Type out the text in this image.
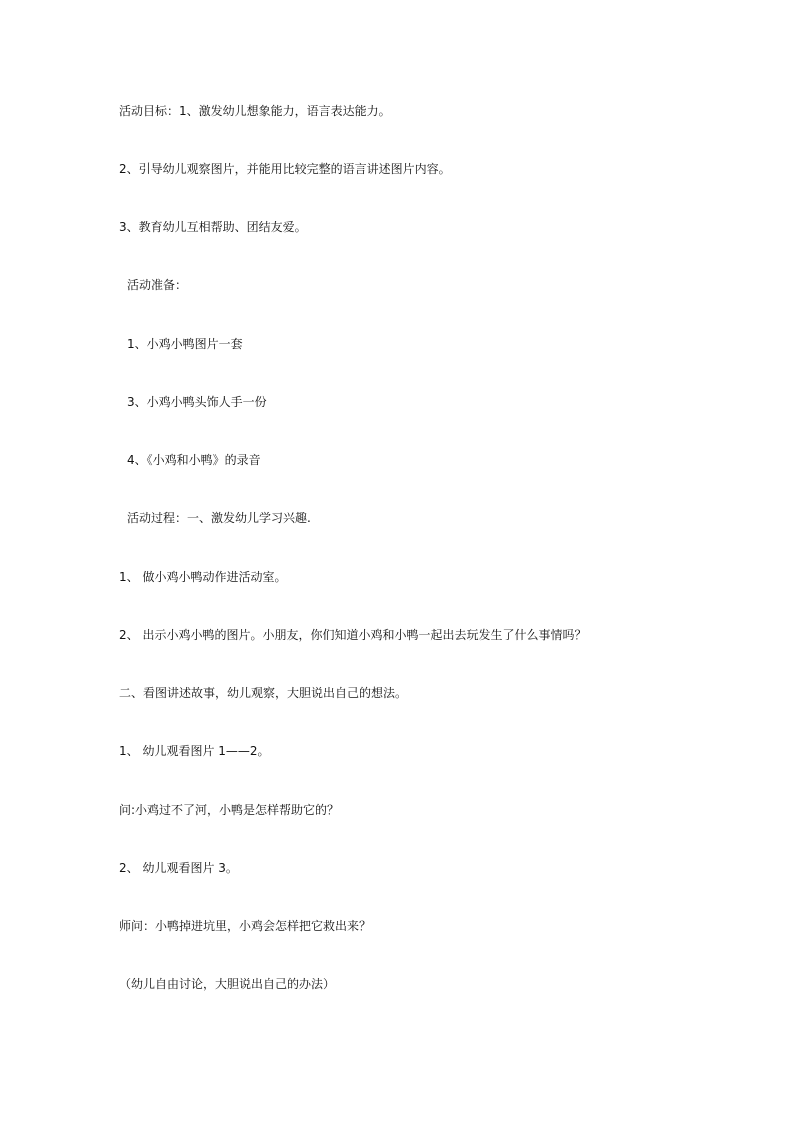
活动目标：1、激发幼儿想象能力，语言表达能力。
2、引导幼儿观察图片，并能用比较完整的语言讲述图片内容。
3、教育幼儿互相帮助、团结友爱。
活动准备：
1、小鸡小鸭图片一套
3、小鸡小鸭头饰人手一份
4、《小鸡和小鸭》的录音
活动过程：一、激发幼儿学习兴趣.
1、 做小鸡小鸭动作进活动室。
2、 出示小鸡小鸭的图片。小朋友，你们知道小鸡和小鸭一起出去玩发生了什么事情吗？
二、看图讲述故事，幼儿观察，大胆说出自己的想法。
1、 幼儿观看图片 1——2。
问:小鸡过不了河，小鸭是怎样帮助它的？
2、 幼儿观看图片 3。
师问：小鸭掉进坑里，小鸡会怎样把它救出来？
（幼儿自由讨论，大胆说出自己的办法）
